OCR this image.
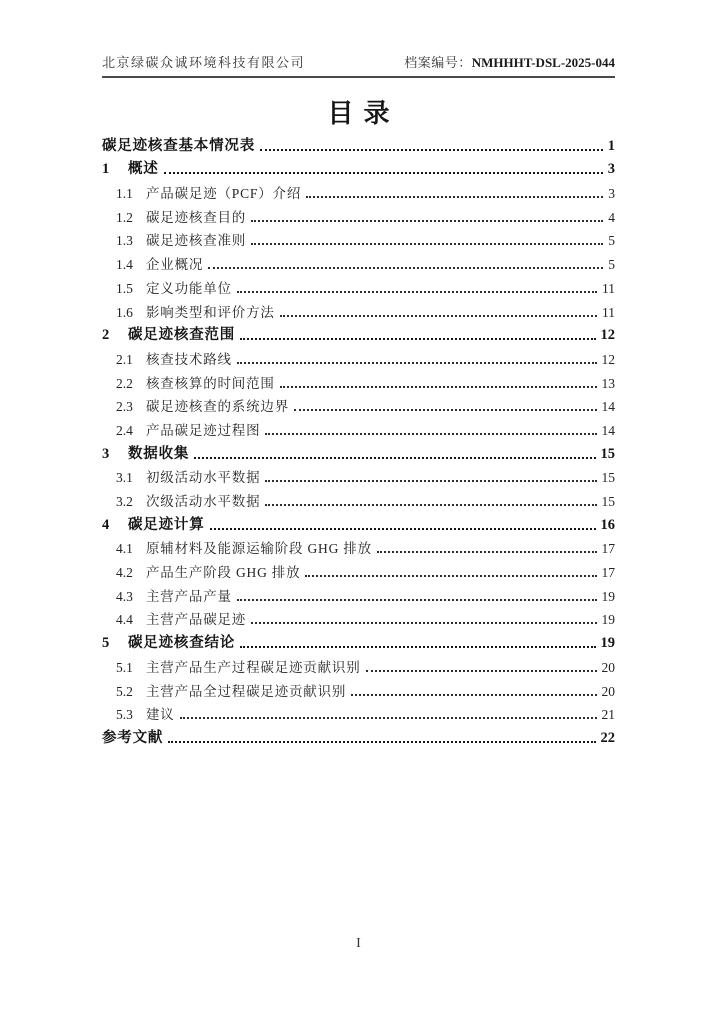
北京绿碳众诚环境科技有限公司	档案编号：NMHHHT-DSL-2025-044
目录
碳足迹核查基本情况表	1
1	概述	3
1.1 产品碳足迹（PCF）介绍	3
1.2 碳足迹核查目的	4
1.3 碳足迹核查准则	5
1.4 企业概况	5
1.5 定义功能单位	11
1.6 影响类型和评价方法	11
2	碳足迹核查范围	12
2.1 核查技术路线	12
2.2 核查核算的时间范围	13
2.3 碳足迹核查的系统边界	14
2.4 产品碳足迹过程图	14
3	数据收集	15
3.1 初级活动水平数据	15
3.2 次级活动水平数据	15
4	碳足迹计算	16
4.1 原辅材料及能源运输阶段 GHG 排放	17
4.2 产品生产阶段 GHG 排放	17
4.3 主营产品产量	19
4.4 主营产品碳足迹	19
5	碳足迹核查结论	19
5.1 主营产品生产过程碳足迹贡献识别	20
5.2 主营产品全过程碳足迹贡献识别	20
5.3 建议	21
参考文献	22
I
